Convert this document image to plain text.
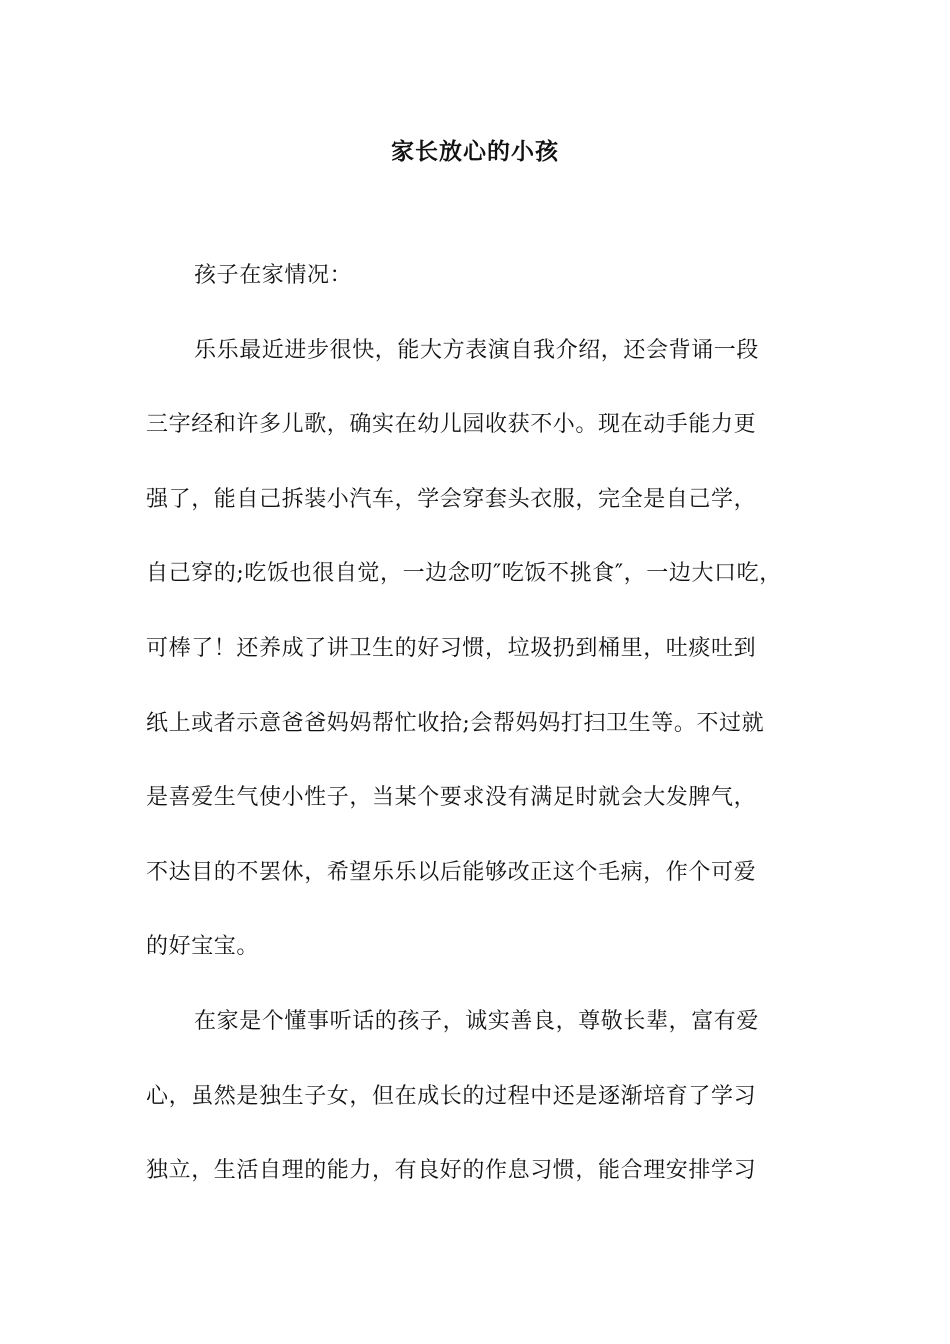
家长放心的小孩
孩子在家情况：
乐乐最近进步很快，能大方表演自我介绍，还会背诵一段
三字经和许多儿歌，确实在幼儿园收获不小。现在动手能力更
强了，能自己拆装小汽车，学会穿套头衣服，完全是自己学，
自己穿的;吃饭也很自觉，一边念叨″吃饭不挑食″，一边大口吃，
可棒了！还养成了讲卫生的好习惯，垃圾扔到桶里，吐痰吐到
纸上或者示意爸爸妈妈帮忙收拾;会帮妈妈打扫卫生等。不过就
是喜爱生气使小性子，当某个要求没有满足时就会大发脾气，
不达目的不罢休，希望乐乐以后能够改正这个毛病，作个可爱
的好宝宝。
在家是个懂事听话的孩子，诚实善良，尊敬长辈，富有爱
心，虽然是独生子女，但在成长的过程中还是逐渐培育了学习
独立，生活自理的能力，有良好的作息习惯，能合理安排学习
